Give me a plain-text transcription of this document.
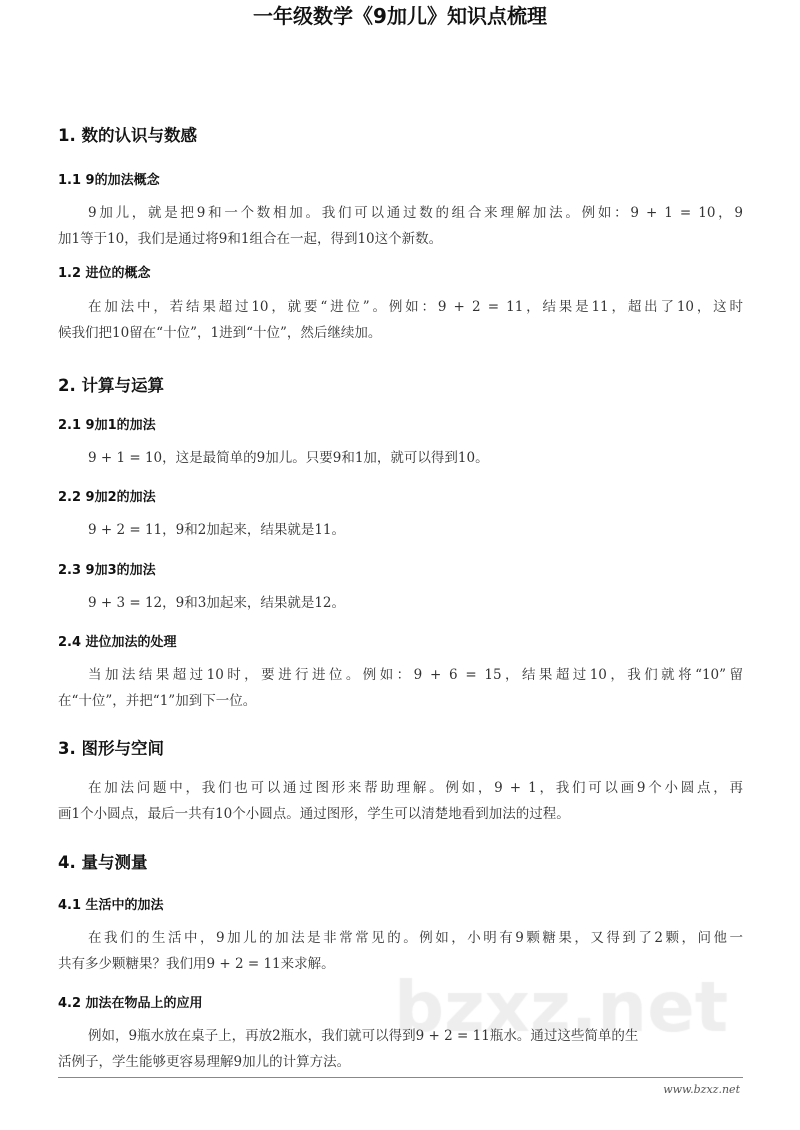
一年级数学《9加儿》知识点梳理
1. 数的认识与数感
1.1 9的加法概念
9加儿，就是把9和一个数相加。我们可以通过数的组合来理解加法。例如：9 + 1 = 10，9
加1等于10，我们是通过将9和1组合在一起，得到10这个新数。
1.2 进位的概念
在加法中，若结果超过10，就要“进位”。例如：9 + 2 = 11，结果是11，超出了10，这时
候我们把10留在“十位”，1进到“十位”，然后继续加。
2. 计算与运算
2.1 9加1的加法
9 + 1 = 10，这是最简单的9加儿。只要9和1加，就可以得到10。
2.2 9加2的加法
9 + 2 = 11，9和2加起来，结果就是11。
2.3 9加3的加法
9 + 3 = 12，9和3加起来，结果就是12。
2.4 进位加法的处理
当加法结果超过10时，要进行进位。例如：9 + 6 = 15，结果超过10，我们就将“10”留
在“十位”，并把“1”加到下一位。
3. 图形与空间
在加法问题中，我们也可以通过图形来帮助理解。例如，9 + 1，我们可以画9个小圆点，再
画1个小圆点，最后一共有10个小圆点。通过图形，学生可以清楚地看到加法的过程。
4. 量与测量
4.1 生活中的加法
在我们的生活中，9加儿的加法是非常常见的。例如，小明有9颗糖果，又得到了2颗，问他一
共有多少颗糖果？我们用9 + 2 = 11来求解。
4.2 加法在物品上的应用
例如，9瓶水放在桌子上，再放2瓶水，我们就可以得到9 + 2 = 11瓶水。通过这些简单的生
活例子，学生能够更容易理解9加儿的计算方法。
www.bzxz.net
